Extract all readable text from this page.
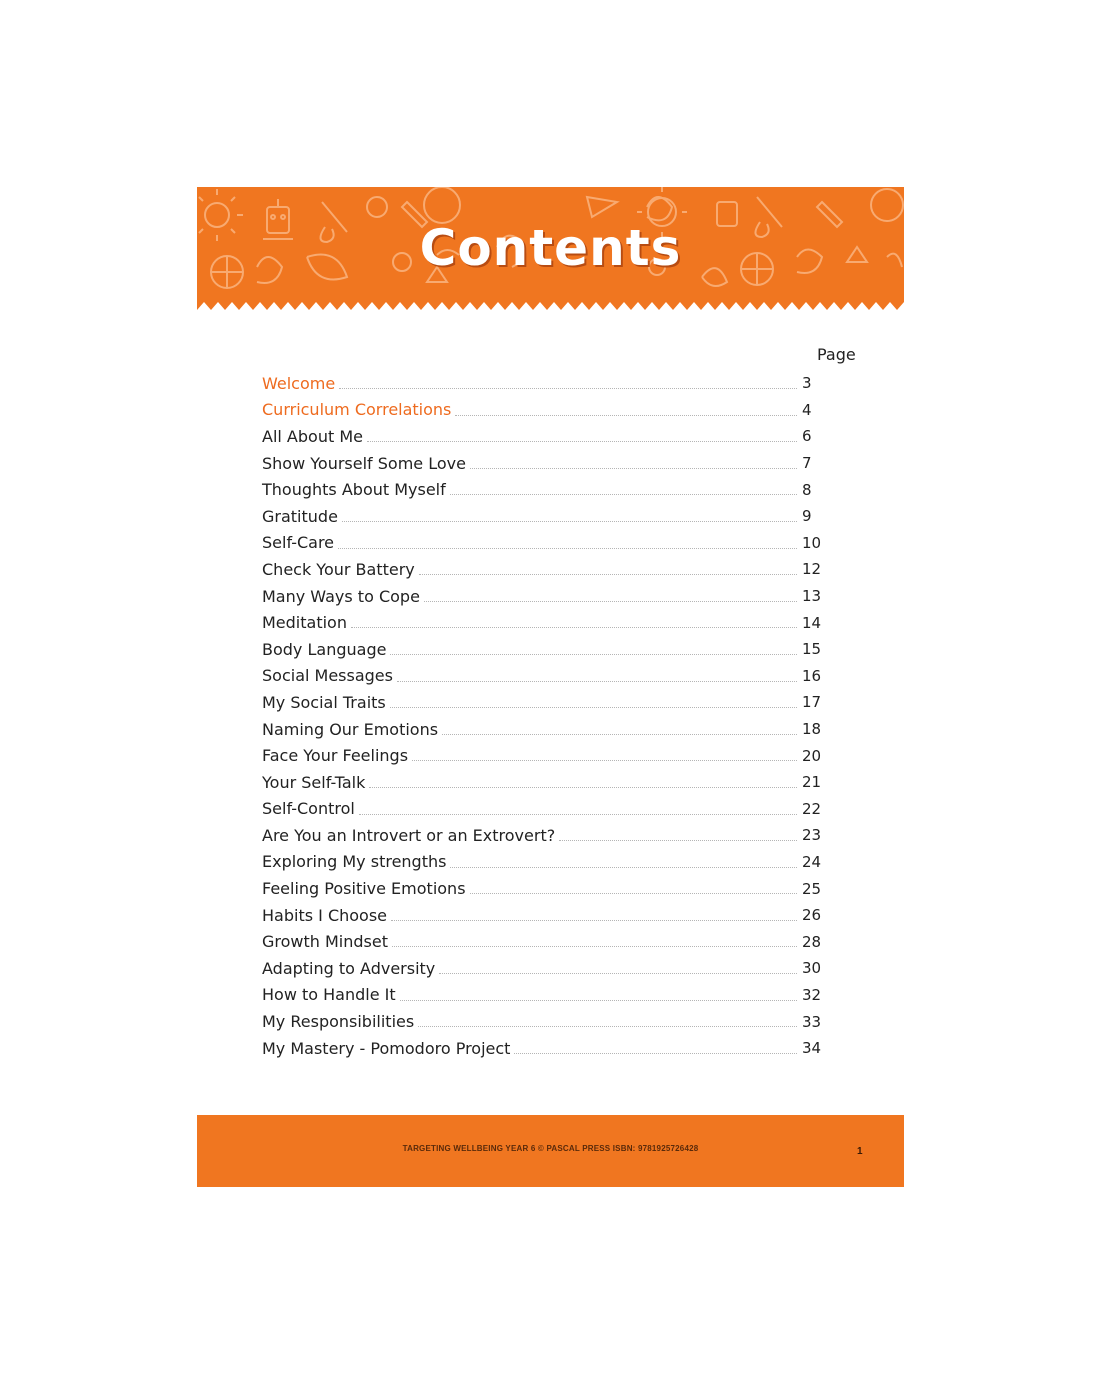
Contents
Page
Welcome	3
Curriculum Correlations	4
All About Me	6
Show Yourself Some Love	7
Thoughts About Myself	8
Gratitude	9
Self-Care	10
Check Your Battery	12
Many Ways to Cope	13
Meditation	14
Body Language	15
Social Messages	16
My Social Traits	17
Naming Our Emotions	18
Face Your Feelings	20
Your Self-Talk	21
Self-Control	22
Are You an Introvert or an Extrovert?	23
Exploring My strengths	24
Feeling Positive Emotions	25
Habits I Choose	26
Growth Mindset	28
Adapting to Adversity	30
How to Handle It	32
My Responsibilities	33
My Mastery - Pomodoro Project	34
TARGETING WELLBEING YEAR 6 © PASCAL PRESS ISBN: 9781925726428	1
